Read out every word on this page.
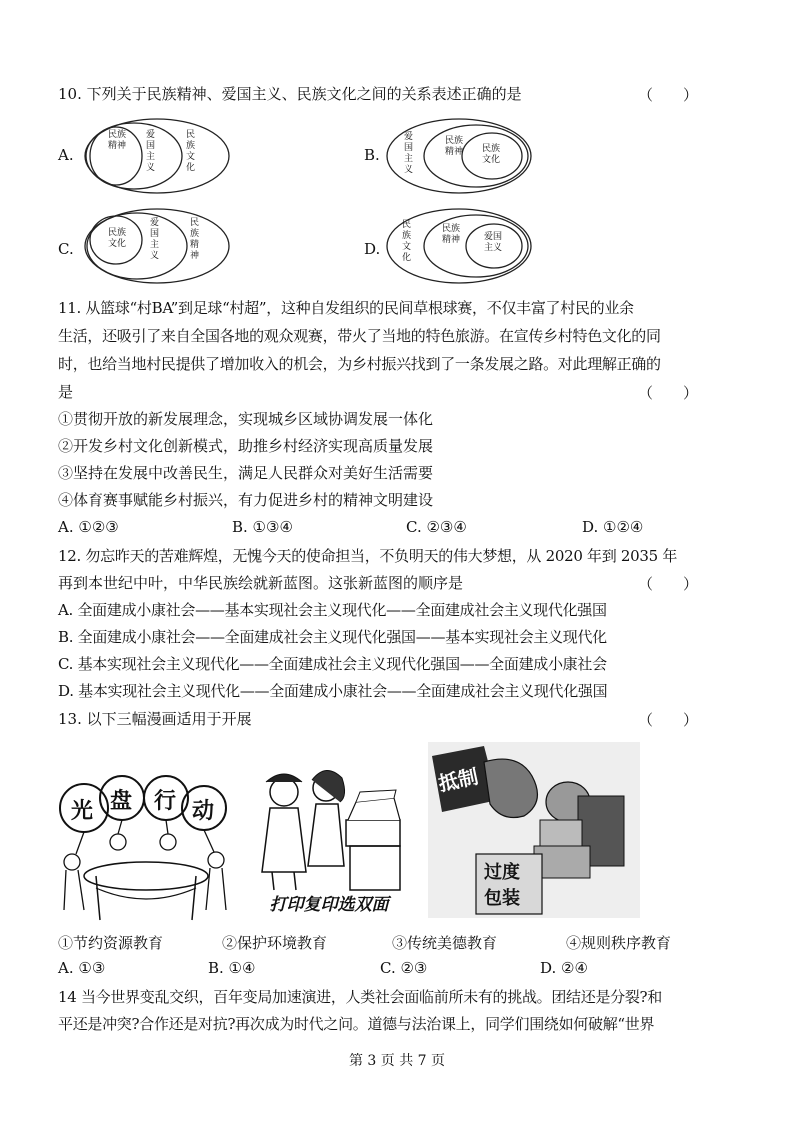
10. 下列关于民族精神、爱国主义、民族文化之间的关系表述正确的是	（　　）
A.
民族精神
爱国主义
民族文化
B.
爱国主义
民族精神 民族文化
C.
民族文化
爱国主义
民族精神	D.
民族文化
民族精神	爱国主义
11. 从篮球“村BA”到足球“村超”，这种自发组织的民间草根球赛，不仅丰富了村民的业余
生活，还吸引了来自全国各地的观众观赛，带火了当地的特色旅游。在宣传乡村特色文化的同
时，也给当地村民提供了增加收入的机会，为乡村振兴找到了一条发展之路。对此理解正确的
是	（　　）
①贯彻开放的新发展理念，实现城乡区域协调发展一体化
②开发乡村文化创新模式，助推乡村经济实现高质量发展
③坚持在发展中改善民生，满足人民群众对美好生活需要
④体育赛事赋能乡村振兴，有力促进乡村的精神文明建设
A. ①②③	B. ①③④	C. ②③④	D. ①②④
12. 勿忘昨天的苦难辉煌，无愧今天的使命担当，不负明天的伟大梦想，从 2020 年到 2035 年
再到本世纪中叶，中华民族绘就新蓝图。这张新蓝图的顺序是	（　　）
A. 全面建成小康社会——基本实现社会主义现代化——全面建成社会主义现代化强国
B. 全面建成小康社会——全面建成社会主义现代化强国——基本实现社会主义现代化
C. 基本实现社会主义现代化——全面建成社会主义现代化强国——全面建成小康社会
D. 基本实现社会主义现代化——全面建成小康社会——全面建成社会主义现代化强国
13. 以下三幅漫画适用于开展	（　　）
光 盘 行 动
打印复印选双面
抵制
过度
包装
①节约资源教育	②保护环境教育	③传统美德教育	④规则秩序教育
A. ①③	B. ①④	C. ②③	D. ②④
14 当今世界变乱交织，百年变局加速演进，人类社会面临前所未有的挑战。团结还是分裂?和
平还是冲突?合作还是对抗?再次成为时代之问。道德与法治课上，同学们围绕如何破解“世界
第 3 页 共 7 页
